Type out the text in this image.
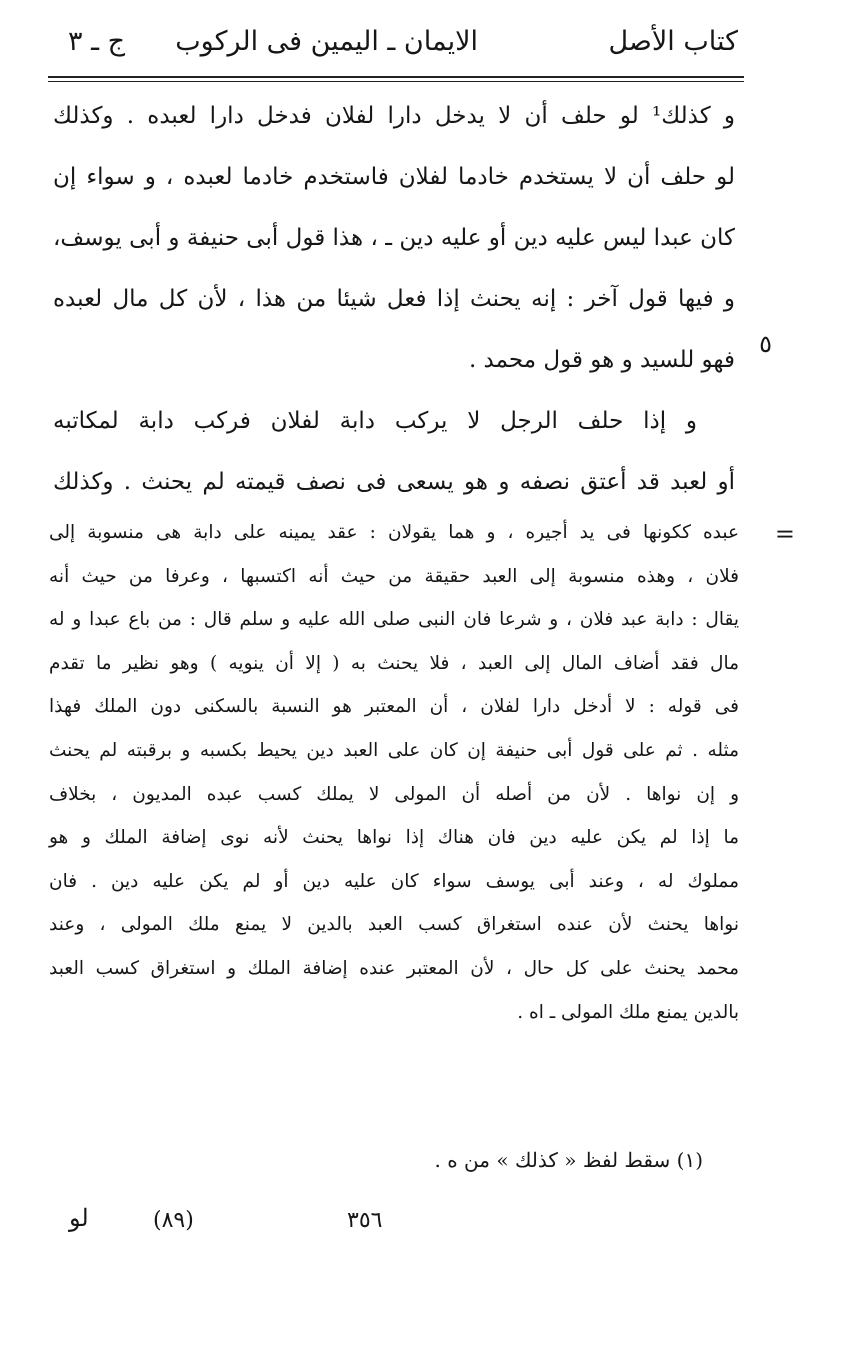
كتاب الأصل
الايمان ـ اليمين فى الركوب
ج ـ ٣
و كذلك¹ لو حلف أن لا يدخل دارا لفلان فدخل دارا لعبده . وكذلك
لو حلف أن لا يستخدم خادما لفلان فاستخدم خادما لعبده ، و سواء إن
كان عبدا ليس عليه دين أو عليه دين ـ ، هذا قول أبى حنيفة و أبى يوسف،
و فيها قول آخر : إنه يحنث إذا فعل شيئا من هذا ، لأن كل مال لعبده
فهو للسيد و هو قول محمد .
و إذا حلف الرجل لا يركب دابة لفلان فركب دابة لمكاتبه
أو لعبد قد أعتق نصفه و هو يسعى فى نصف قيمته لم يحنث . وكذلك
٥
=
عبده ككونها فى يد أجيره ، و هما يقولان : عقد يمينه على دابة هى منسوبة إلى
فلان ، وهذه منسوبة إلى العبد حقيقة من حيث أنه اكتسبها ، وعرفا من حيث أنه
يقال : دابة عبد فلان ، و شرعا فان النبى صلى الله عليه و سلم قال : من باع عبدا و له
مال فقد أضاف المال إلى العبد ، فلا يحنث به ( إلا أن ينويه ) وهو نظير ما تقدم
فى قوله : لا أدخل دارا لفلان ، أن المعتبر هو النسبة بالسكنى دون الملك فهذا
مثله . ثم على قول أبى حنيفة إن كان على العبد دين يحيط بكسبه و برقبته لم يحنث
و إن نواها . لأن من أصله أن المولى لا يملك كسب عبده المديون ، بخلاف
ما إذا لم يكن عليه دين فان هناك إذا نواها يحنث لأنه نوى إضافة الملك و هو
مملوك له ، وعند أبى يوسف سواء كان عليه دين أو لم يكن عليه دين . فان
نواها يحنث لأن عنده استغراق كسب العبد بالدين لا يمنع ملك المولى ، وعند
محمد يحنث على كل حال ، لأن المعتبر عنده إضافة الملك و استغراق كسب العبد
بالدين يمنع ملك المولى ـ اه .
(١) سقط لفظ « كذلك » من ه .
لو	(٨٩)	٣٥٦
